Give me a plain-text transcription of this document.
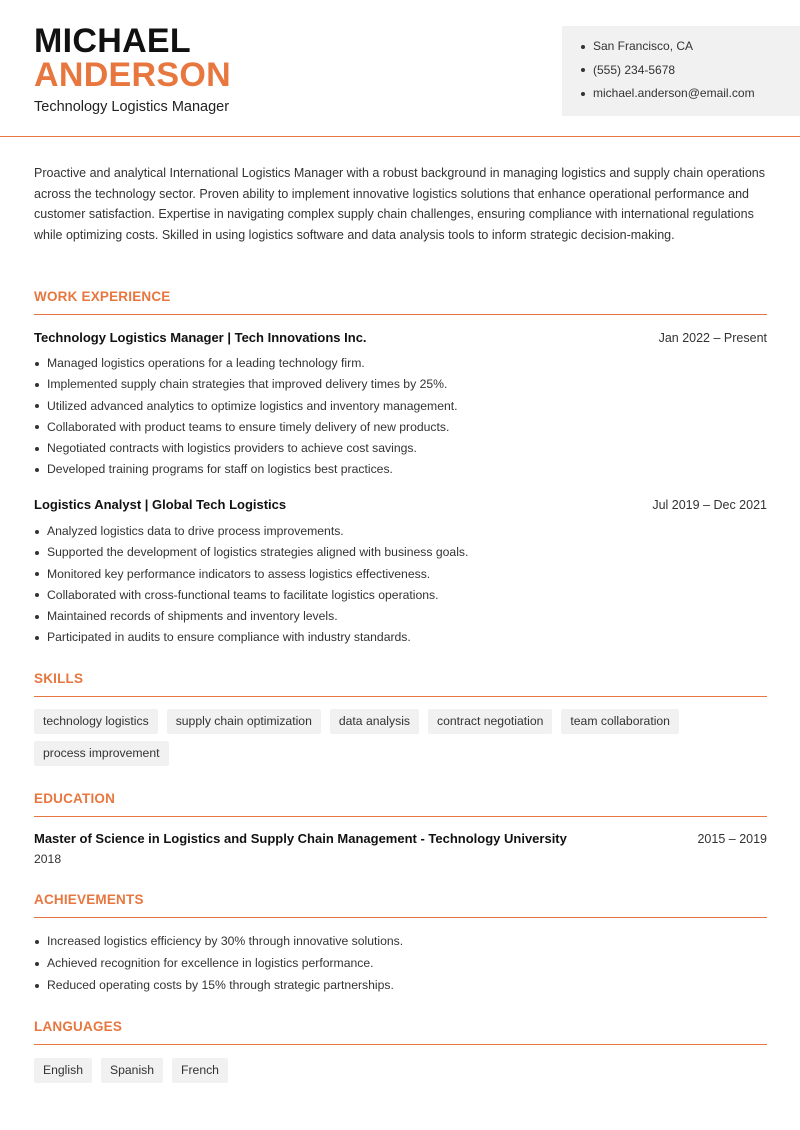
MICHAEL
ANDERSON
Technology Logistics Manager
San Francisco, CA
(555) 234-5678
michael.anderson@email.com

Proactive and analytical International Logistics Manager with a robust background in managing logistics and supply chain operations across the technology sector. Proven ability to implement innovative logistics solutions that enhance operational performance and customer satisfaction. Expertise in navigating complex supply chain challenges, ensuring compliance with international regulations while optimizing costs. Skilled in using logistics software and data analysis tools to inform strategic decision-making.

WORK EXPERIENCE
Technology Logistics Manager | Tech Innovations Inc.	Jan 2022 – Present
Managed logistics operations for a leading technology firm.
Implemented supply chain strategies that improved delivery times by 25%.
Utilized advanced analytics to optimize logistics and inventory management.
Collaborated with product teams to ensure timely delivery of new products.
Negotiated contracts with logistics providers to achieve cost savings.
Developed training programs for staff on logistics best practices.
Logistics Analyst | Global Tech Logistics	Jul 2019 – Dec 2021
Analyzed logistics data to drive process improvements.
Supported the development of logistics strategies aligned with business goals.
Monitored key performance indicators to assess logistics effectiveness.
Collaborated with cross-functional teams to facilitate logistics operations.
Maintained records of shipments and inventory levels.
Participated in audits to ensure compliance with industry standards.
SKILLS
technology logistics	supply chain optimization	data analysis	contract negotiation	team collaboration
process improvement
EDUCATION
Master of Science in Logistics and Supply Chain Management - Technology University	2015 – 2019
2018
ACHIEVEMENTS
Increased logistics efficiency by 30% through innovative solutions.
Achieved recognition for excellence in logistics performance.
Reduced operating costs by 15% through strategic partnerships.
LANGUAGES
English	Spanish	French
